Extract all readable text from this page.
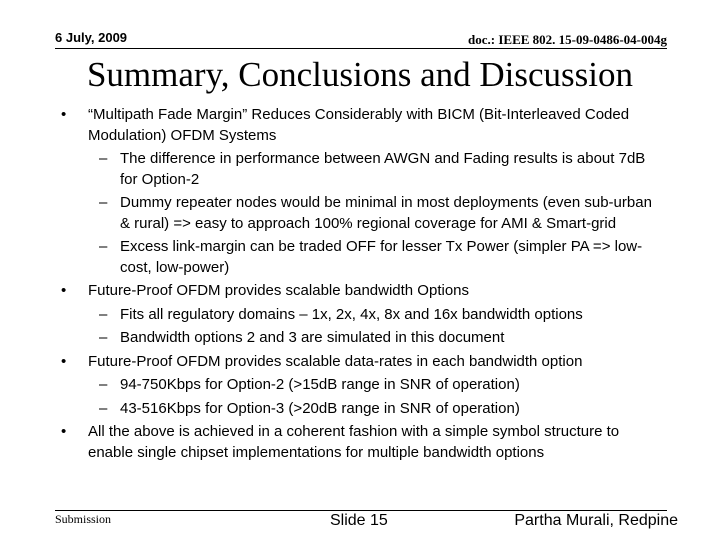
6 July, 2009	doc.: IEEE 802. 15-09-0486-04-004g
Summary, Conclusions and Discussion
• “Multipath Fade Margin” Reduces Considerably with BICM (Bit-Interleaved Coded Modulation) OFDM Systems
– The difference in performance between AWGN and Fading results is about 7dB for Option-2
– Dummy repeater nodes would be minimal in most deployments (even sub-urban & rural) => easy to approach 100% regional coverage for AMI & Smart-grid
– Excess link-margin can be traded OFF for lesser Tx Power (simpler PA => low-cost, low-power)
• Future-Proof OFDM provides scalable bandwidth Options
– Fits all regulatory domains – 1x, 2x, 4x, 8x and 16x bandwidth options
– Bandwidth options 2 and 3 are simulated in this document
• Future-Proof OFDM provides scalable data-rates in each bandwidth option
– 94-750Kbps for Option-2 (>15dB range in SNR of operation)
– 43-516Kbps for Option-3 (>20dB range in SNR of operation)
• All the above is achieved in a coherent fashion with a simple symbol structure to enable single chipset implementations for multiple bandwidth options
Submission	Slide 15	Partha Murali, Redpine
